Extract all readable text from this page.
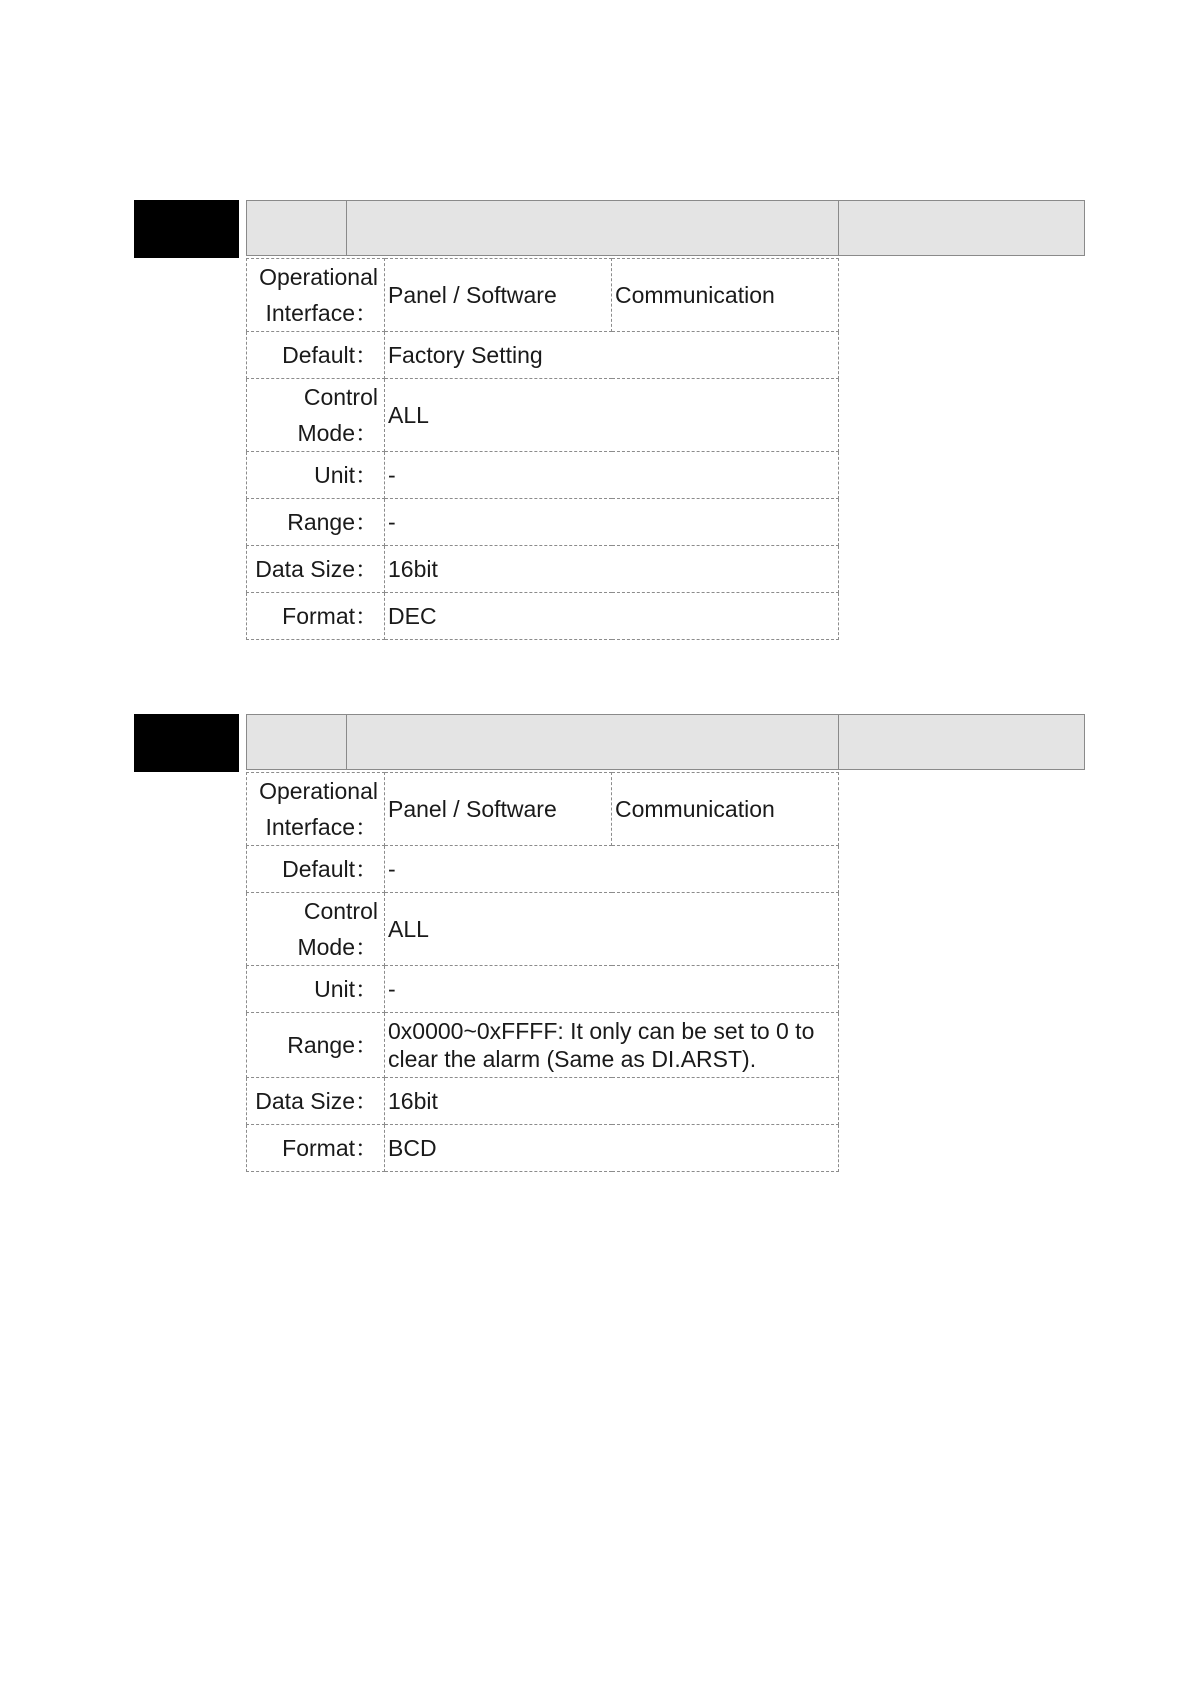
Operational
Interface：	Panel / Software	Communication
Default：	Factory Setting	

Control
Mode：	ALL	
Unit：	-	
Range：	-	
Data Size：	16bit	
Format：	DEC	
Operational
Interface：	Panel / Software	Communication
Default：	-	

Control
Mode：	ALL	
Unit：	-	
Range：	0x0000~0xFFFF: It only can be set to 0 to
clear the alarm (Same as DI.ARST).	

Data Size：	16bit	
Format：	BCD	
